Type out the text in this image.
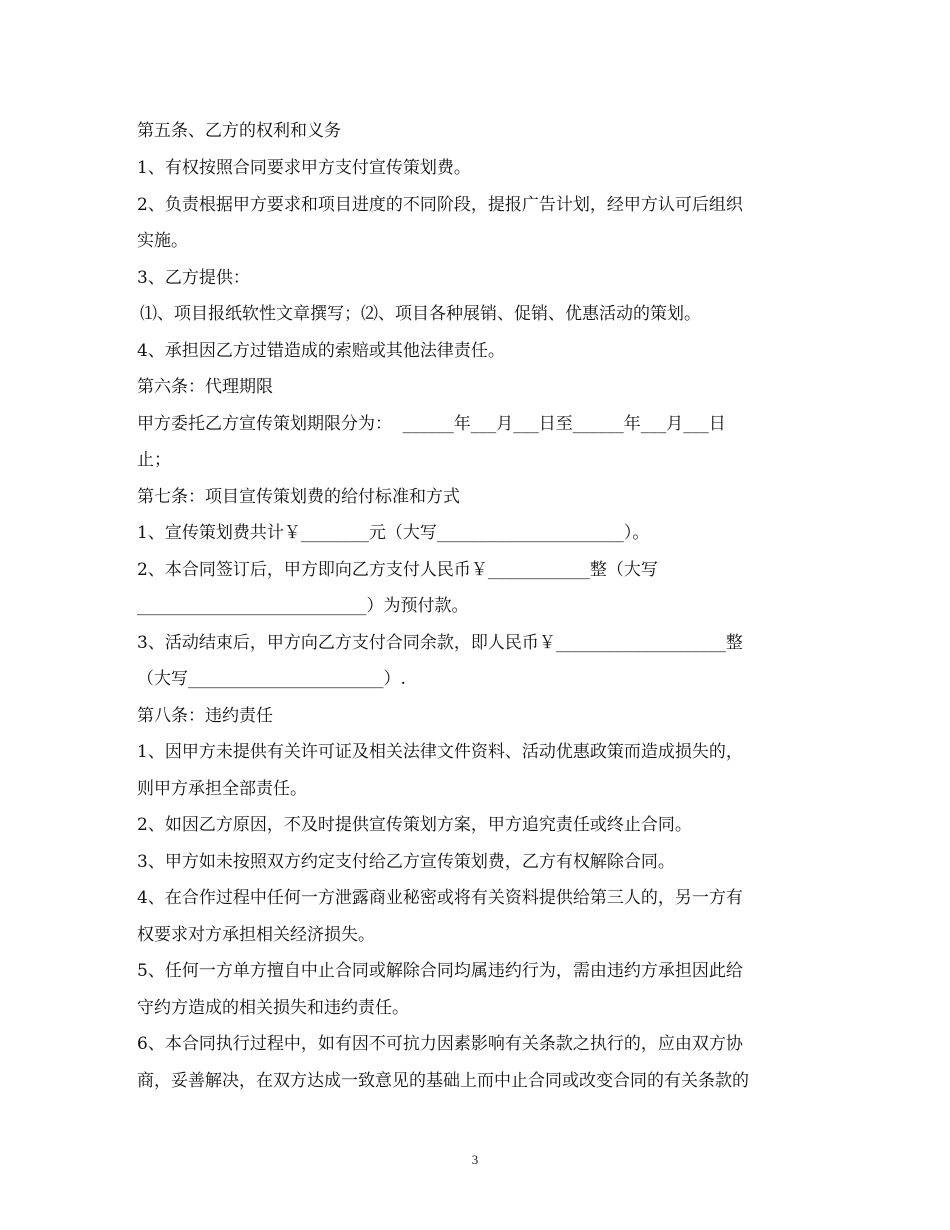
第五条、乙方的权利和义务
1、有权按照合同要求甲方支付宣传策划费。
2、负责根据甲方要求和项目进度的不同阶段，提报广告计划，经甲方认可后组织
实施。
3、乙方提供：
⑴、项目报纸软性文章撰写；⑵、项目各种展销、促销、优惠活动的策划。
4、承担因乙方过错造成的索赔或其他法律责任。
第六条：代理期限
甲方委托乙方宣传策划期限分为：  ______年___月___日至______年___月___日
止；
第七条：项目宣传策划费的给付标准和方式
1、宣传策划费共计￥________元（大写______________________）。
2、本合同签订后，甲方即向乙方支付人民币￥____________整（大写
___________________________）为预付款。
3、活动结束后，甲方向乙方支付合同余款，即人民币￥____________________整
（大写_______________________）.
第八条：违约责任
1、因甲方未提供有关许可证及相关法律文件资料、活动优惠政策而造成损失的，
则甲方承担全部责任。
2、如因乙方原因，不及时提供宣传策划方案，甲方追究责任或终止合同。
3、甲方如未按照双方约定支付给乙方宣传策划费，乙方有权解除合同。
4、在合作过程中任何一方泄露商业秘密或将有关资料提供给第三人的，另一方有
权要求对方承担相关经济损失。
5、任何一方单方擅自中止合同或解除合同均属违约行为，需由违约方承担因此给
守约方造成的相关损失和违约责任。
6、本合同执行过程中，如有因不可抗力因素影响有关条款之执行的，应由双方协
商，妥善解决，在双方达成一致意见的基础上而中止合同或改变合同的有关条款的
3
